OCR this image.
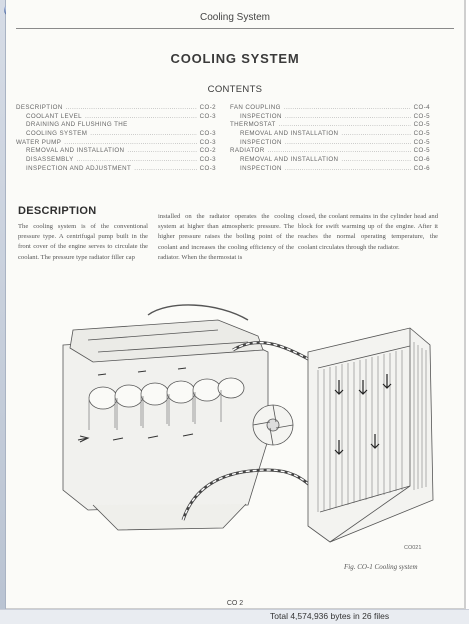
Cooling System
COOLING SYSTEM
CONTENTS
DESCRIPTION .....	CO-2
COOLANT LEVEL .....	CO-3
DRAINING AND FLUSHING THE
COOLING SYSTEM .....	CO-3
WATER PUMP .....	CO-3
REMOVAL AND INSTALLATION .....	CO-2
DISASSEMBLY .....	CO-3
INSPECTION AND ADJUSTMENT .....	CO-3
FAN COUPLING .....	CO-4
INSPECTION .....	CO-5
THERMOSTAT .....	CO-5
REMOVAL AND INSTALLATION .....	CO-5
INSPECTION .....	CO-5
RADIATOR .....	CO-5
REMOVAL AND INSTALLATION .....	CO-6
INSPECTION .....	CO-6
DESCRIPTION
The cooling system is of the conventional pressure type. A centrifugal pump built in the front cover of the engine serves to circulate the coolant. The pressure type radiator filler cap
installed on the radiator operates the cooling system at higher than atmospheric pressure. The higher pressure raises the boiling point of the coolant and increases the cooling efficiency of the radiator. When the thermostat is
closed, the coolant remains in the cylinder head and block for swift warming up of the engine. After it reaches the normal operating temperature, the coolant circulates through the radiator.
CO021
Fig. CO-1 Cooling system
CO 2
Total 4,574,936 bytes in 26 files
